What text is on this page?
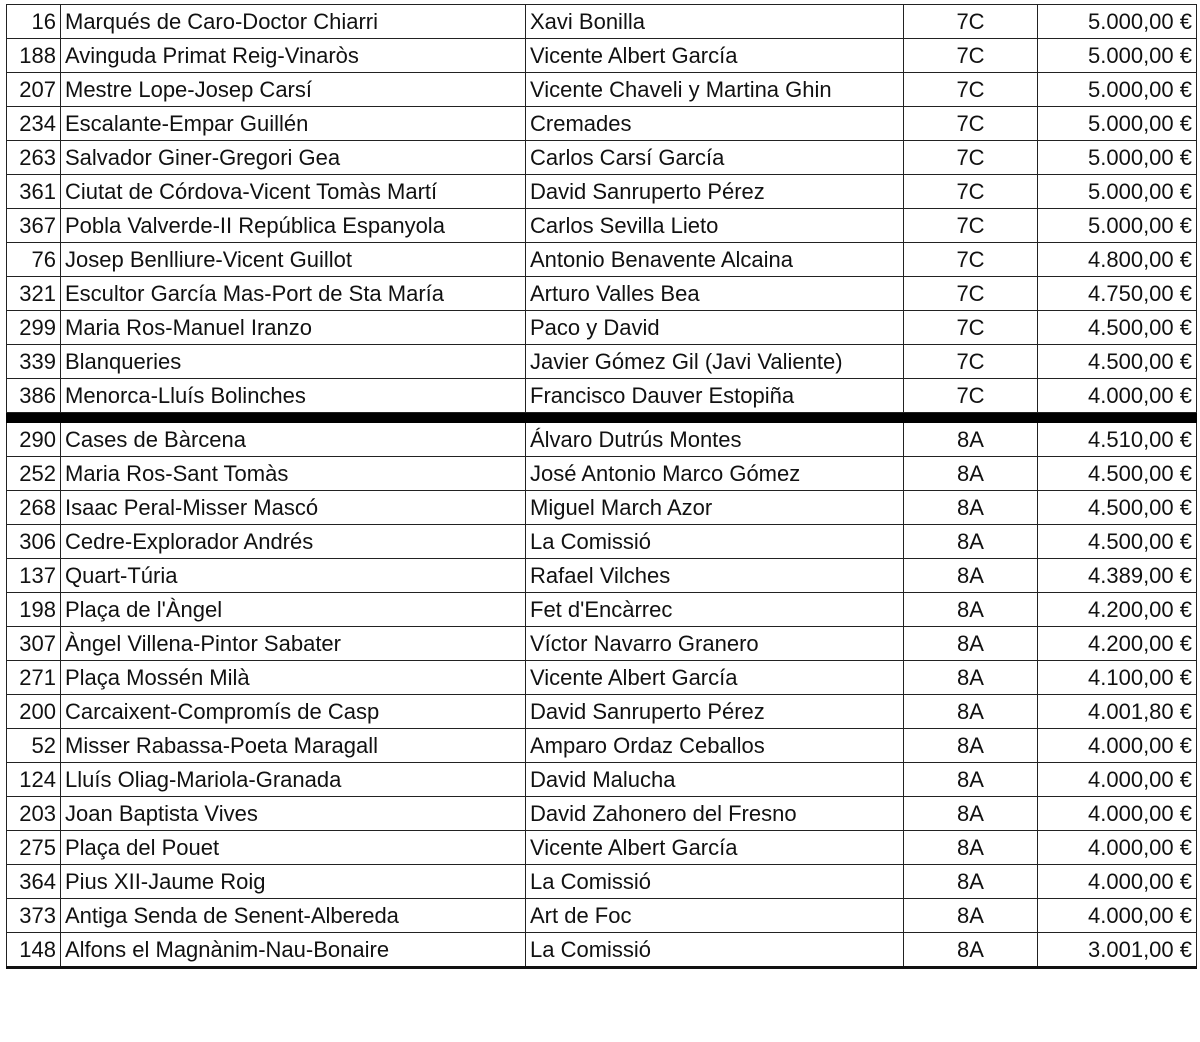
16	Marqués de Caro-Doctor Chiarri	Xavi Bonilla	7C	5.000,00 €
188	Avinguda Primat Reig-Vinaròs	Vicente Albert García	7C	5.000,00 €
207	Mestre Lope-Josep Carsí	Vicente Chaveli y Martina Ghin	7C	5.000,00 €
234	Escalante-Empar Guillén	Cremades	7C	5.000,00 €
263	Salvador Giner-Gregori Gea	Carlos Carsí García	7C	5.000,00 €
361	Ciutat de Córdova-Vicent Tomàs Martí	David Sanruperto Pérez	7C	5.000,00 €
367	Pobla Valverde-II República Espanyola	Carlos Sevilla Lieto	7C	5.000,00 €
76	Josep Benlliure-Vicent Guillot	Antonio Benavente Alcaina	7C	4.800,00 €
321	Escultor García Mas-Port de Sta María	Arturo Valles Bea	7C	4.750,00 €
299	Maria Ros-Manuel Iranzo	Paco y David	7C	4.500,00 €
339	Blanqueries	Javier Gómez Gil (Javi Valiente)	7C	4.500,00 €
386	Menorca-Lluís Bolinches	Francisco Dauver Estopiña	7C	4.000,00 €

290	Cases de Bàrcena	Álvaro Dutrús Montes	8A	4.510,00 €
252	Maria Ros-Sant Tomàs	José Antonio Marco Gómez	8A	4.500,00 €
268	Isaac Peral-Misser Mascó	Miguel March Azor	8A	4.500,00 €
306	Cedre-Explorador Andrés	La Comissió	8A	4.500,00 €
137	Quart-Túria	Rafael Vilches	8A	4.389,00 €
198	Plaça de l'Àngel	Fet d'Encàrrec	8A	4.200,00 €
307	Àngel Villena-Pintor Sabater	Víctor Navarro Granero	8A	4.200,00 €
271	Plaça Mossén Milà	Vicente Albert García	8A	4.100,00 €
200	Carcaixent-Compromís de Casp	David Sanruperto Pérez	8A	4.001,80 €
52	Misser Rabassa-Poeta Maragall	Amparo Ordaz Ceballos	8A	4.000,00 €
124	Lluís Oliag-Mariola-Granada	David Malucha	8A	4.000,00 €
203	Joan Baptista Vives	David Zahonero del Fresno	8A	4.000,00 €
275	Plaça del Pouet	Vicente Albert García	8A	4.000,00 €
364	Pius XII-Jaume Roig	La Comissió	8A	4.000,00 €
373	Antiga Senda de Senent-Albereda	Art de Foc	8A	4.000,00 €
148	Alfons el Magnànim-Nau-Bonaire	La Comissió	8A	3.001,00 €
